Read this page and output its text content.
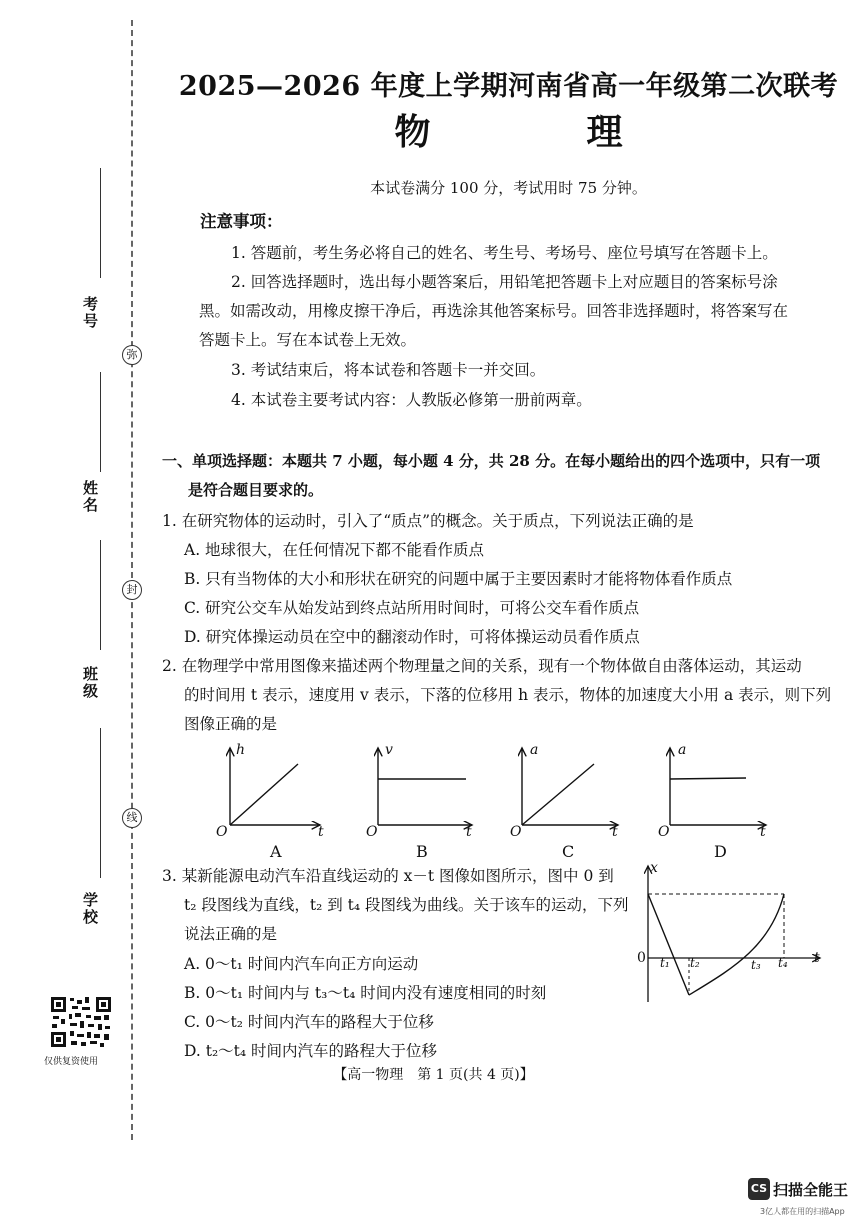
考号
姓名
班级
学校
弥
封
线
仅供复资使用
2025—2026 年度上学期河南省高一年级第二次联考
物　理
本试卷满分 100 分，考试用时 75 分钟。
注意事项：
1. 答题前，考生务必将自己的姓名、考生号、考场号、座位号填写在答题卡上。
2. 回答选择题时，选出每小题答案后，用铅笔把答题卡上对应题目的答案标号涂
黑。如需改动，用橡皮擦干净后，再选涂其他答案标号。回答非选择题时，将答案写在
答题卡上。写在本试卷上无效。
3. 考试结束后，将本试卷和答题卡一并交回。
4. 本试卷主要考试内容：人教版必修第一册前两章。
一、单项选择题：本题共 7 小题，每小题 4 分，共 28 分。在每小题给出的四个选项中，只有一项
是符合题目要求的。
1. 在研究物体的运动时，引入了“质点”的概念。关于质点，下列说法正确的是
A. 地球很大，在任何情况下都不能看作质点
B. 只有当物体的大小和形状在研究的问题中属于主要因素时才能将物体看作质点
C. 研究公交车从始发站到终点站所用时间时，可将公交车看作质点
D. 研究体操运动员在空中的翻滚动作时，可将体操运动员看作质点
2. 在物理学中常用图像来描述两个物理量之间的关系，现有一个物体做自由落体运动，其运动
的时间用 t 表示，速度用 v 表示，下落的位移用 h 表示，物体的加速度大小用 a 表示，则下列
图像正确的是
h
O	t
A
v
O	t
B
a
O	t
C
a
O	t
D
3. 某新能源电动汽车沿直线运动的 x－t 图像如图所示，图中 0 到
t₂ 段图线为直线，t₂ 到 t₄ 段图线为曲线。关于该车的运动，下列
说法正确的是
A. 0～t₁ 时间内汽车向正方向运动
B. 0～t₁ 时间内与 t₃～t₄ 时间内没有速度相同的时刻
C. 0～t₂ 时间内汽车的路程大于位移
D. t₂～t₄ 时间内汽车的路程大于位移
x
t
0 t₁ t₂	t₃ t₄
【高一物理　第 1 页(共 4 页)】
CS 扫描全能王
3亿人都在用的扫描App
